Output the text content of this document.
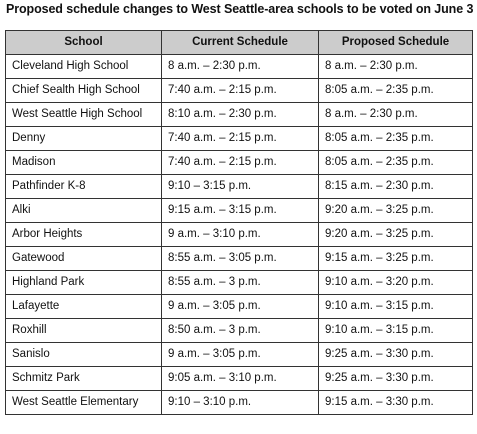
Proposed schedule changes to West Seattle-area schools to be voted on June 3
School	Current Schedule	Proposed Schedule
Cleveland High School	8 a.m. – 2:30 p.m.	8 a.m. – 2:30 p.m.
Chief Sealth High School	7:40 a.m. – 2:15 p.m.	8:05 a.m. – 2:35 p.m.
West Seattle High School	8:10 a.m. – 2:30 p.m.	8 a.m. – 2:30 p.m.
Denny	7:40 a.m. – 2:15 p.m.	8:05 a.m. – 2:35 p.m.
Madison	7:40 a.m. – 2:15 p.m.	8:05 a.m. – 2:35 p.m.
Pathfinder K-8	9:10 – 3:15 p.m.	8:15 a.m. – 2:30 p.m.
Alki	9:15 a.m. – 3:15 p.m.	9:20 a.m. – 3:25 p.m.
Arbor Heights	9 a.m. – 3:10 p.m.	9:20 a.m. – 3:25 p.m.
Gatewood	8:55 a.m. – 3:05 p.m.	9:15 a.m. – 3:25 p.m.
Highland Park	8:55 a.m. – 3 p.m.	9:10 a.m. – 3:20 p.m.
Lafayette	9 a.m. – 3:05 p.m.	9:10 a.m. – 3:15 p.m.
Roxhill	8:50 a.m. – 3 p.m.	9:10 a.m. – 3:15 p.m.
Sanislo	9 a.m. – 3:05 p.m.	9:25 a.m. – 3:30 p.m.
Schmitz Park	9:05 a.m. – 3:10 p.m.	9:25 a.m. – 3:30 p.m.
West Seattle Elementary	9:10 – 3:10 p.m.	9:15 a.m. – 3:30 p.m.
